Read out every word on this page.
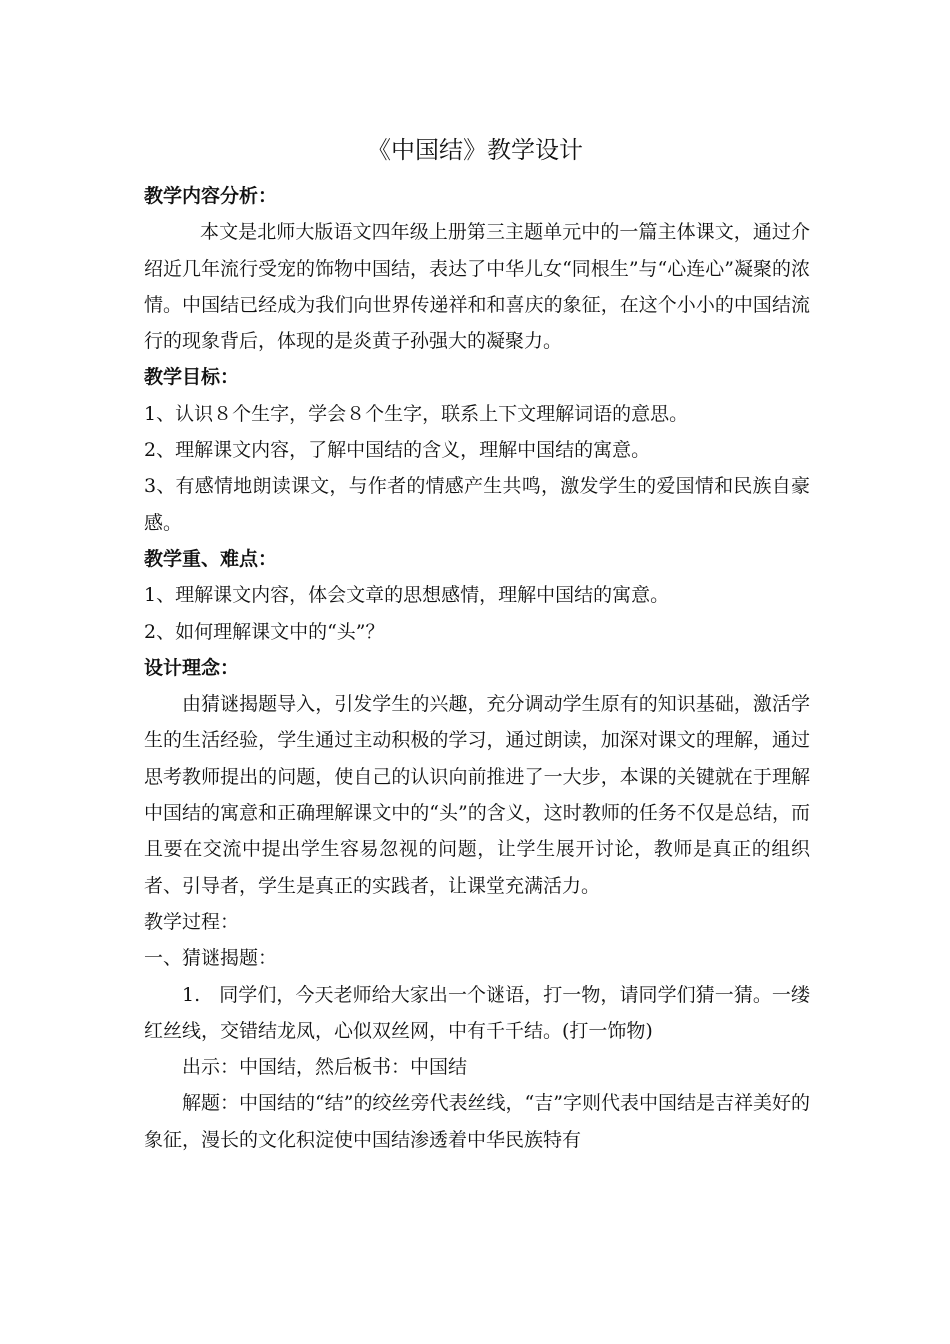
《中国结》教学设计
教学内容分析：
本文是北师大版语文四年级上册第三主题单元中的一篇主体课文，通过介绍近几年流行受宠的饰物中国结，表达了中华儿女“同根生”与“心连心”凝聚的浓情。中国结已经成为我们向世界传递祥和和喜庆的象征，在这个小小的中国结流行的现象背后，体现的是炎黄子孙强大的凝聚力。
教学目标：
1、认识８个生字，学会８个生字，联系上下文理解词语的意思。
2、理解课文内容，了解中国结的含义，理解中国结的寓意。
3、有感情地朗读课文，与作者的情感产生共鸣，激发学生的爱国情和民族自豪感。
教学重、难点：
1、理解课文内容，体会文章的思想感情，理解中国结的寓意。
2、如何理解课文中的“头”？
设计理念：
由猜谜揭题导入，引发学生的兴趣，充分调动学生原有的知识基础，激活学生的生活经验，学生通过主动积极的学习，通过朗读，加深对课文的理解，通过思考教师提出的问题，使自己的认识向前推进了一大步，本课的关键就在于理解中国结的寓意和正确理解课文中的“头”的含义，这时教师的任务不仅是总结，而且要在交流中提出学生容易忽视的问题，让学生展开讨论，教师是真正的组织者、引导者，学生是真正的实践者，让课堂充满活力。
教学过程：
一、猜谜揭题：
1.　同学们，今天老师给大家出一个谜语，打一物，请同学们猜一猜。一缕红丝线，交错结龙凤，心似双丝网，中有千千结。(打一饰物)
出示：中国结，然后板书：中国结
解题：中国结的“结”的绞丝旁代表丝线，“吉”字则代表中国结是吉祥美好的象征，漫长的文化积淀使中国结渗透着中华民族特有
